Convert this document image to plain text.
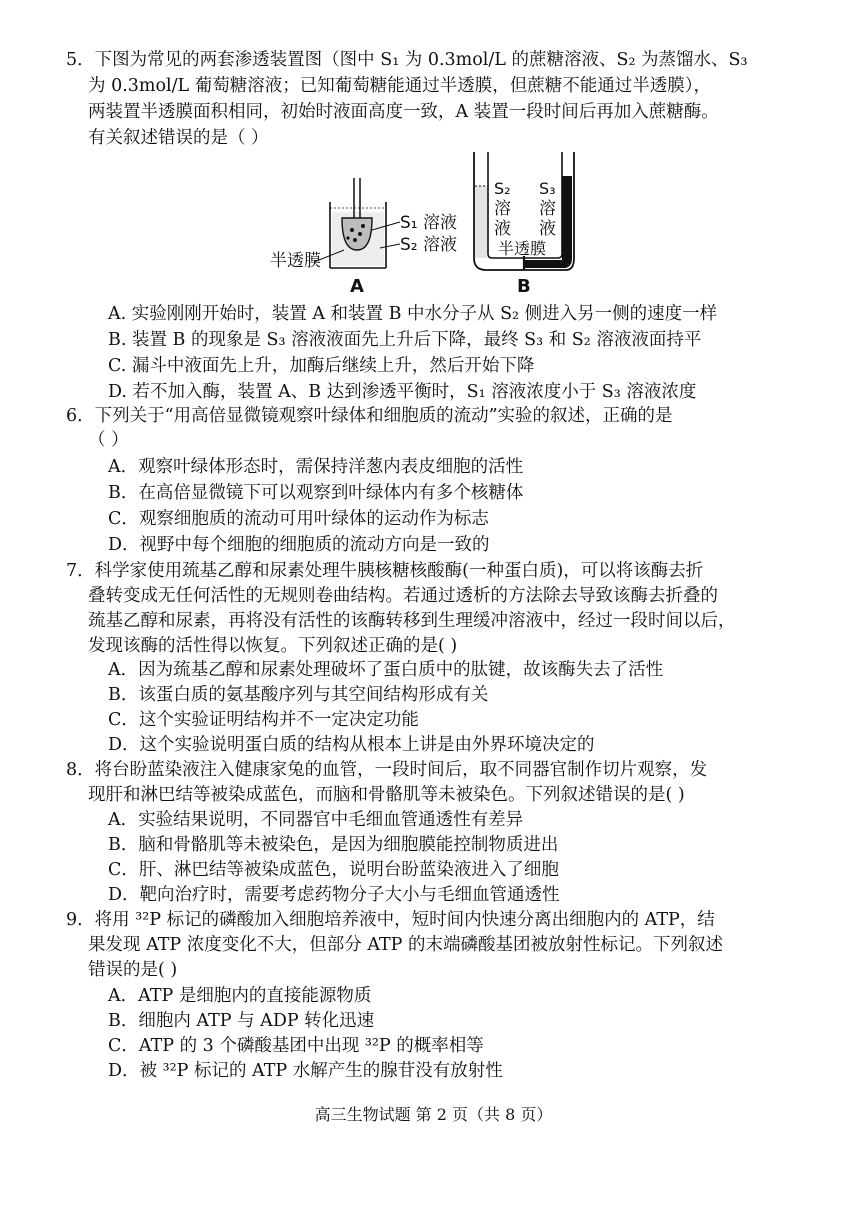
5．下图为常见的两套渗透装置图（图中 S₁ 为 0.3mol/L 的蔗糖溶液、S₂ 为蒸馏水、S₃
为 0.3mol/L 葡萄糖溶液；已知葡萄糖能通过半透膜，但蔗糖不能通过半透膜），
两装置半透膜面积相同，初始时液面高度一致，A 装置一段时间后再加入蔗糖酶。
有关叙述错误的是（ ）
S₁ 溶液
S₂ 溶液
半透膜
A
S₂
溶
液
S₃
溶
液
半透膜
B
A. 实验刚刚开始时，装置 A 和装置 B 中水分子从 S₂ 侧进入另一侧的速度一样
B. 装置 B 的现象是 S₃ 溶液液面先上升后下降，最终 S₃ 和 S₂ 溶液液面持平
C. 漏斗中液面先上升，加酶后继续上升，然后开始下降
D. 若不加入酶，装置 A、B 达到渗透平衡时，S₁ 溶液浓度小于 S₃ 溶液浓度
6．下列关于“用高倍显微镜观察叶绿体和细胞质的流动”实验的叙述，正确的是
（ ）
A．观察叶绿体形态时，需保持洋葱内表皮细胞的活性
B．在高倍显微镜下可以观察到叶绿体内有多个核糖体
C．观察细胞质的流动可用叶绿体的运动作为标志
D．视野中每个细胞的细胞质的流动方向是一致的
7．科学家使用巯基乙醇和尿素处理牛胰核糖核酸酶(一种蛋白质)，可以将该酶去折
叠转变成无任何活性的无规则卷曲结构。若通过透析的方法除去导致该酶去折叠的
巯基乙醇和尿素，再将没有活性的该酶转移到生理缓冲溶液中，经过一段时间以后，
发现该酶的活性得以恢复。下列叙述正确的是( )
A．因为巯基乙醇和尿素处理破坏了蛋白质中的肽键，故该酶失去了活性
B．该蛋白质的氨基酸序列与其空间结构形成有关
C．这个实验证明结构并不一定决定功能
D．这个实验说明蛋白质的结构从根本上讲是由外界环境决定的
8．将台盼蓝染液注入健康家兔的血管，一段时间后，取不同器官制作切片观察，发
现肝和淋巴结等被染成蓝色，而脑和骨骼肌等未被染色。下列叙述错误的是( )
A．实验结果说明，不同器官中毛细血管通透性有差异
B．脑和骨骼肌等未被染色，是因为细胞膜能控制物质进出
C．肝、淋巴结等被染成蓝色，说明台盼蓝染液进入了细胞
D．靶向治疗时，需要考虑药物分子大小与毛细血管通透性
9．将用 ³²P 标记的磷酸加入细胞培养液中，短时间内快速分离出细胞内的 ATP，结
果发现 ATP 浓度变化不大，但部分 ATP 的末端磷酸基团被放射性标记。下列叙述
错误的是( )
A．ATP 是细胞内的直接能源物质
B．细胞内 ATP 与 ADP 转化迅速
C．ATP 的 3 个磷酸基团中出现 ³²P 的概率相等
D．被 ³²P 标记的 ATP 水解产生的腺苷没有放射性
高三生物试题 第 2 页（共 8 页）
